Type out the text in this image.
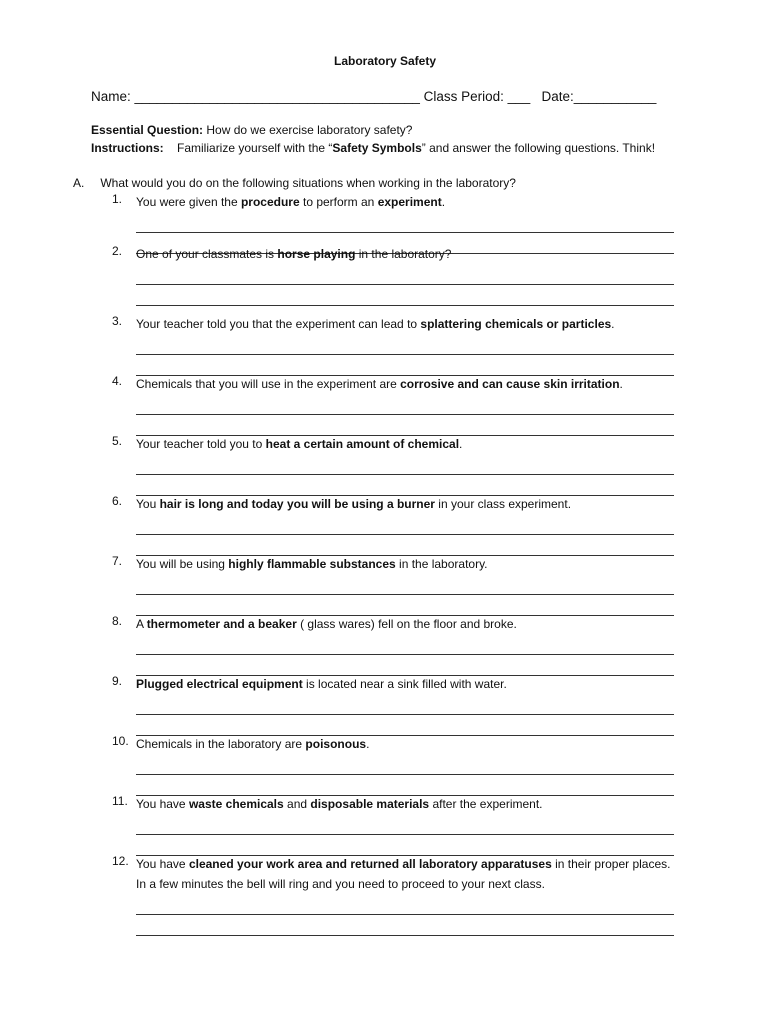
Laboratory Safety
Name: ______________________________________ Class Period: ___ Date:___________
Essential Question: How do we exercise laboratory safety?
Instructions: Familiarize yourself with the “Safety Symbols” and answer the following questions. Think!
A. What would you do on the following situations when working in the laboratory?
1.	You were given the procedure to perform an experiment.
2.	One of your classmates is horse playing in the laboratory?
3.	Your teacher told you that the experiment can lead to splattering chemicals or particles.
4.	Chemicals that you will use in the experiment are corrosive and can cause skin irritation.
5.	Your teacher told you to heat a certain amount of chemical.
6.	You hair is long and today you will be using a burner in your class experiment.
7.	You will be using highly flammable substances in the laboratory.
8.	A thermometer and a beaker ( glass wares) fell on the floor and broke.
9.	Plugged electrical equipment is located near a sink filled with water.
10. Chemicals in the laboratory are poisonous.
11. You have waste chemicals and disposable materials after the experiment.
12. You have cleaned your work area and returned all laboratory apparatuses in their proper places. In a few minutes the bell will ring and you need to proceed to your next class.
